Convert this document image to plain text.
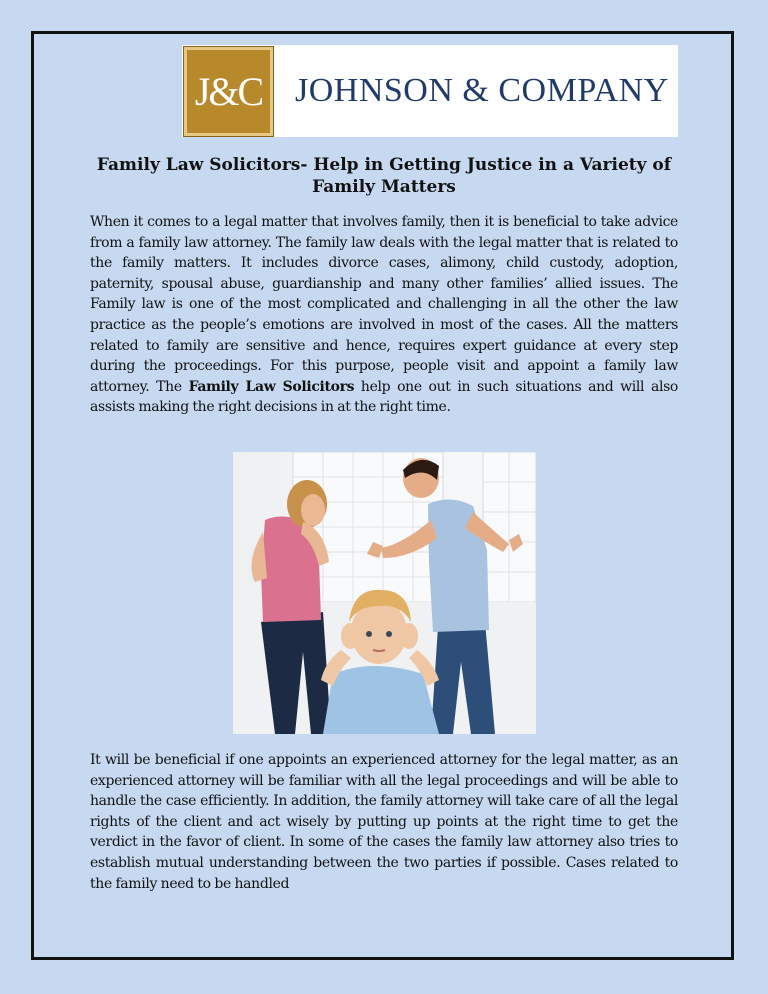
J&C JOHNSON & COMPANY
Family Law Solicitors- Help in Getting Justice in a Variety of Family Matters

When it comes to a legal matter that involves family, then it is beneficial to take advice from a family law attorney. The family law deals with the legal matter that is related to the family matters. It includes divorce cases, alimony, child custody, adoption, paternity, spousal abuse, guardianship and many other families’ allied issues. The Family law is one of the most complicated and challenging in all the other the law practice as the people’s emotions are involved in most of the cases. All the matters related to family are sensitive and hence, requires expert guidance at every step during the proceedings. For this purpose, people visit and appoint a family law attorney. The Family Law Solicitors help one out in such situations and will also assists making the right decisions in at the right time.

It will be beneficial if one appoints an experienced attorney for the legal matter, as an experienced attorney will be familiar with all the legal proceedings and will be able to handle the case efficiently. In addition, the family attorney will take care of all the legal rights of the client and act wisely by putting up points at the right time to get the verdict in the favor of client. In some of the cases the family law attorney also tries to establish mutual understanding between the two parties if possible. Cases related to the family need to be handled
